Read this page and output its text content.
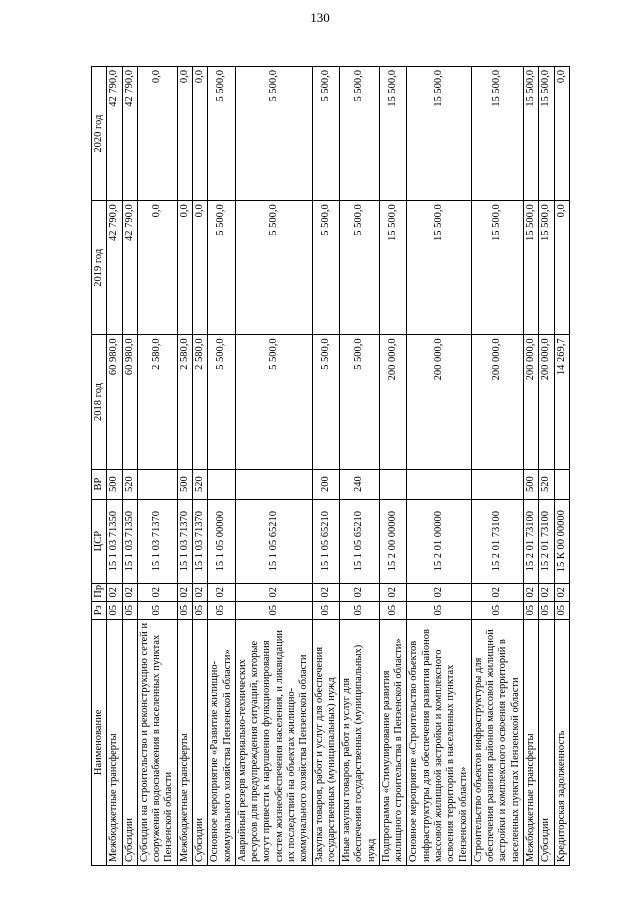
130
Наименование	Рз	Пр	ЦСР	ВР	2018 год	2019 год	2020 год
Межбюджетные трансферты	05	02	15 1 03 71350	500	60 980,0	42 790,0	42 790,0
Субсидии	05	02	15 1 03 71350	520	60 980,0	42 790,0	42 790,0
Субсидии на строительство и реконструкцию сетей и сооружений водоснабжения в населенных пунктах Пензенской области	05	02	15 1 03 71370		2 580,0	0,0	0,0
Межбюджетные трансферты	05	02	15 1 03 71370	500	2 580,0	0,0	0,0
Субсидии	05	02	15 1 03 71370	520	2 580,0	0,0	0,0
Основное мероприятие «Развитие жилищно-коммунального хозяйства Пензенской области»	05	02	15 1 05 00000		5 500,0	5 500,0	5 500,0
Аварийный резерв материально-технических ресурсов для предупреждения ситуаций, которые могут привести к нарушению функционирования систем жизнеобеспечения населения, и ликвидации их последствий на объектах жилищно-коммунального хозяйства Пензенской области	05	02	15 1 05 65210		5 500,0	5 500,0	5 500,0
Закупка товаров, работ и услуг для обеспечения государственных (муниципальных) нужд	05	02	15 1 05 65210	200	5 500,0	5 500,0	5 500,0
Иные закупки товаров, работ и услуг для обеспечения государственных (муниципальных) нужд	05	02	15 1 05 65210	240	5 500,0	5 500,0	5 500,0
Подпрограмма «Стимулирование развития жилищного строительства в Пензенской области»	05	02	15 2 00 00000		200 000,0	15 500,0	15 500,0
Основное мероприятие «Строительство объектов инфраструктуры для обеспечения развития районов массовой жилищной застройки и комплексного освоения территорий в населенных пунктах Пензенской области»	05	02	15 2 01 00000		200 000,0	15 500,0	15 500,0
Строительство объектов инфраструктуры для обеспечения развития районов массовой жилищной застройки и комплексного освоения территорий в населенных пунктах Пензенской области	05	02	15 2 01 73100		200 000,0	15 500,0	15 500,0
Межбюджетные трансферты	05	02	15 2 01 73100	500	200 000,0	15 500,0	15 500,0
Субсидии	05	02	15 2 01 73100	520	200 000,0	15 500,0	15 500,0
Кредиторская задолженность	05	02	15 К 00 00000		14 269,7	0,0	0,0
